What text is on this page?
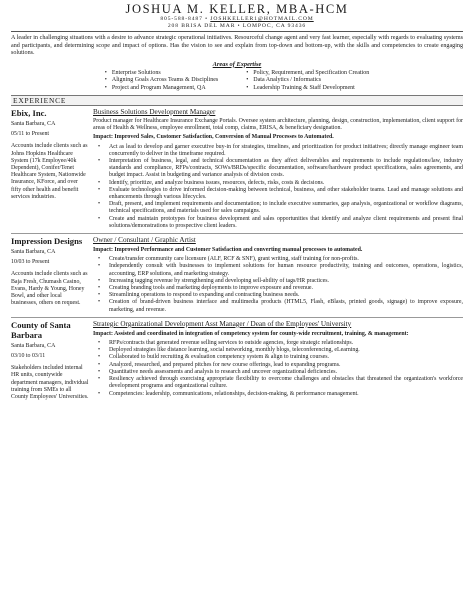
JOSHUA M. KELLER, MBA-HCM
805-588-8487 • JOSHKELLER1@HOTMAIL.COM
208 BRISA DEL MAR • LOMPOC, CA 93436
A leader in challenging situations with a desire to advance strategic operational initiatives. Resourceful change agent and very fast learner, especially with regards to evaluating systems and participants, and determining scope and impact of options. Has the vision to see and explain from top-down and bottom-up, with the skills and competencies to create engaging solutions.
Areas of Expertise
• Enterprise Solutions
• Aligning Goals Across Teams & Disciplines
• Project and Program Management, QA
• Policy, Requirement, and Specification Creation
• Data Analytics / Informatics
• Leadership Training & Staff Development
EXPERIENCE
Ebix, Inc.
Santa Barbara, CA
05/11 to Present
Accounts include clients such as Johns Hopkins Healthcare System (17k Employee/40k Dependent), Conifer/Tenet Healthcare System, Nationwide Insurance, KForce, and over fifty other health and benefit services industries.
Business Solutions Development Manager
Product manager for Healthcare Insurance Exchange Portals. Oversee system architecture, planning, design, construction, implementation, client support for areas of Health & Wellness, employee enrollment, total comp, claims, ERISA, & beneficiary designation.
Impact: Improved Sales, Customer Satisfaction, Conversion of Manual Processes to Automated.
• Act as lead to develop and garner executive buy-in for strategies, timelines, and prioritization for product initiatives; directly manage engineer team concurrently to deliver in the timeframe required.
• Interpretation of business, legal, and technical documentation as they affect deliverables and requirements to include regulations/law, industry standards and compliance, RFPs/contracts, SOWs/BRDs/specific documentation, software/hardware product specifications, sales agreements, and budget impact. Assist in budgeting and variance analysis of division costs.
• Identify, prioritize, and analyze business issues, resources, defects, risks, costs & decisions.
• Evaluate technologies to drive informed decision-making between technical, business, and other stakeholder teams. Lead and manage solutions and enhancements through various lifecycles.
• Draft, present, and implement requirements and documentation; to include executive summaries, gap analysis, organizational or workflow diagrams, technical specifications, and materials used for sales campaigns.
• Create and maintain prototypes for business development and sales opportunities that identify and analyze client requirements and present final solutions/demonstrations to prospective client leaders.
Impression Designs
Santa Barbara, CA
10/03 to Present
Accounts include clients such as Baja Fresh, Chumash Casino, Evans, Hardy & Young, Honey Bowl, and other local businesses, others on request.
Owner / Consultant / Graphic Artist
Impact: Improved Performance and Customer Satisfaction and converting manual processes to automated.
• Create/transfer community care licensure (ALF, RCF & SNF), grant writing, staff training for non-profits.
• Independently consult with businesses to implement solutions for human resource productivity, training and outcomes, operations, logistics, accounting, ERP solutions, and marketing strategy.
• Increasing tagging revenue by strengthening and developing sell-ability of tags/HR practices.
• Creating branding tools and marketing deployments to improve exposure and revenue.
• Streamlining operations to respond to expanding and contracting business needs.
• Creation of brand-driven business interface and multimedia products (HTML5, Flash, eBlasts, printed goods, signage) to improve exposure, marketing, and revenue.
County of Santa Barbara
Santa Barbara, CA
03/10 to 03/11
Stakeholders included internal HR units, countywide department managers, individual training from SMEs to all County Employees' Universities.
Strategic Organizational Development Asst Manager / Dean of the Employees' University
Impact: Assisted and coordinated in integration of competency system for county-wide recruitment, training, & management:
• RFPs/contracts that generated revenue selling services to outside agencies, forge strategic relationships.
• Deployed strategies like distance learning, social networking, monthly blogs, teleconferencing, eLearning.
• Collaborated to build recruiting & evaluation competency system & align to training courses.
• Analyzed, researched, and prepared pitches for new course offerings, lead to expanding programs.
• Quantitative needs assessments and analysis to research and uncover organizational deficiencies.
• Resiliency achieved through exercising appropriate flexibility to overcome challenges and obstacles that threatened the organization's workforce development programs and organizational culture.
• Competencies: leadership, communications, relationships, decision-making, & performance management.
